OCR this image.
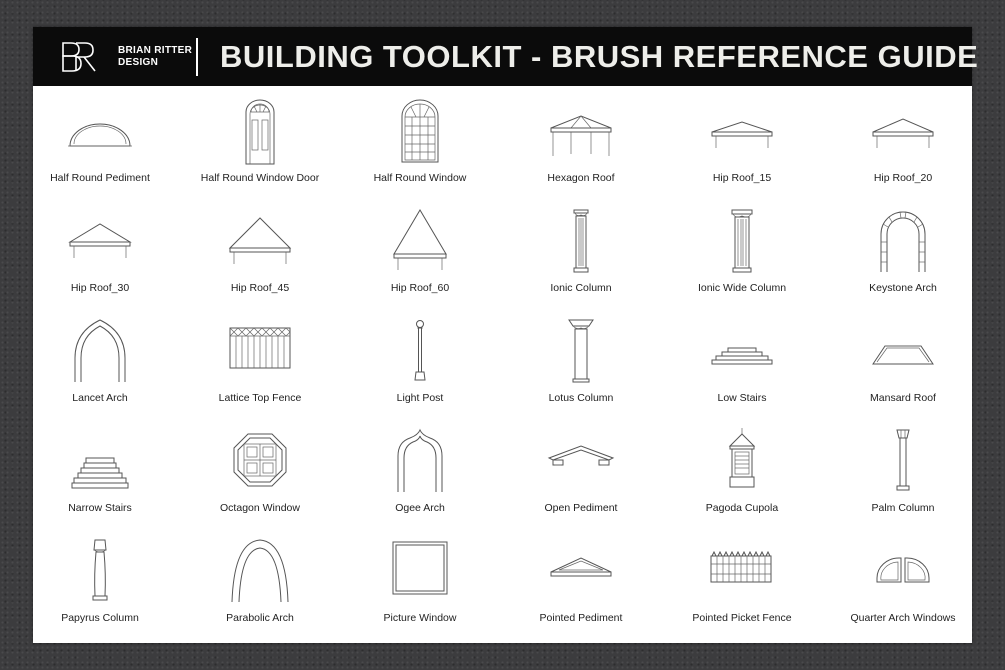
BRIAN RITTER
DESIGN	BUILDING TOOLKIT - BRUSH REFERENCE GUIDE
Half Round Pediment	Half Round Window Door	Half Round Window	Hexagon Roof	Hip Roof_15	Hip Roof_20
Hip Roof_30	Hip Roof_45	Hip Roof_60	Ionic Column	Ionic Wide Column	Keystone Arch
Lancet Arch	Lattice Top Fence	Light Post	Lotus Column	Low Stairs	Mansard Roof
Narrow Stairs	Octagon Window	Ogee Arch	Open Pediment	Pagoda Cupola	Palm Column
Papyrus Column	Parabolic Arch	Picture Window	Pointed Pediment	Pointed Picket Fence	Quarter Arch Windows
